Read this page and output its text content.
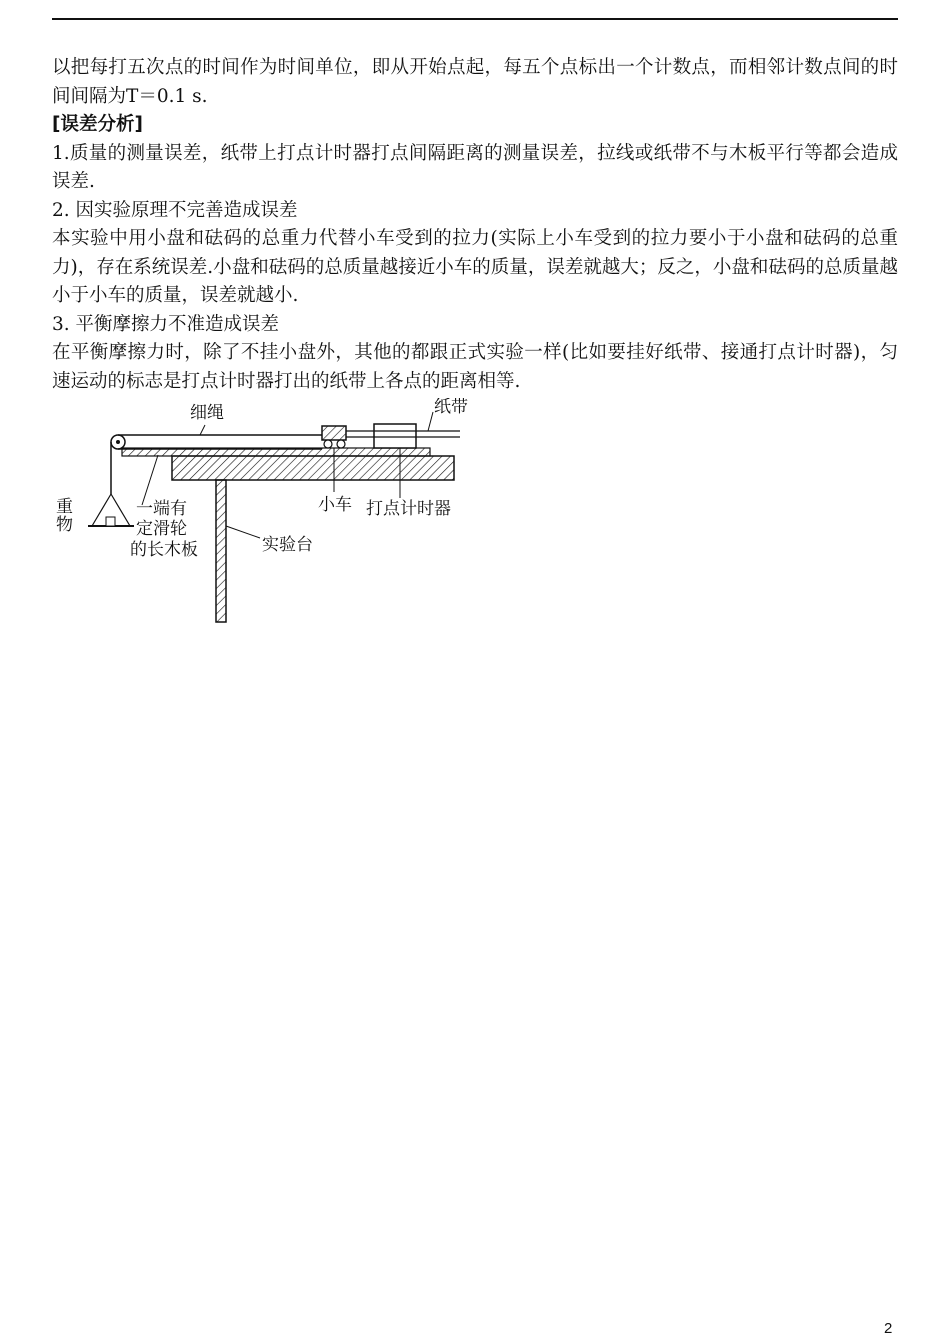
以把每打五次点的时间作为时间单位，即从开始点起，每五个点标出一个计数点，而相邻计数点间的时间间隔为T＝0.1 s.

[误差分析]

1.质量的测量误差，纸带上打点计时器打点间隔距离的测量误差，拉线或纸带不与木板平行等都会造成误差.

2. 因实验原理不完善造成误差

本实验中用小盘和砝码的总重力代替小车受到的拉力(实际上小车受到的拉力要小于小盘和砝码的总重力)，存在系统误差.小盘和砝码的总质量越接近小车的质量，误差就越大；反之，小盘和砝码的总质量越小于小车的质量，误差就越小.

3. 平衡摩擦力不准造成误差

在平衡摩擦力时，除了不挂小盘外，其他的都跟正式实验一样(比如要挂好纸带、接通打点计时器)，匀速运动的标志是打点计时器打出的纸带上各点的距离相等.

细绳	纸带
重
物
一端有
定滑轮
的长木板
小车 打点计时器
实验台
2
